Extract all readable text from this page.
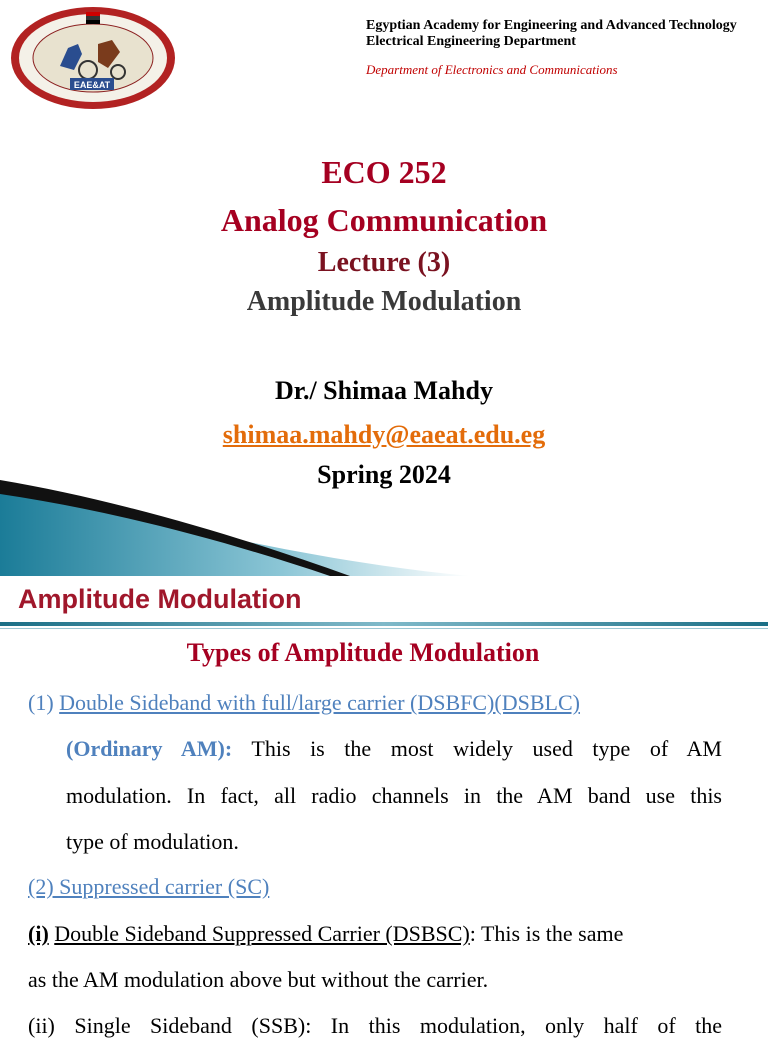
EAE&AT
Egyptian Academy for Engineering and Advanced Technology
Electrical Engineering Department
Department of Electronics and Communications
ECO 252
Analog Communication
Lecture (3)
Amplitude Modulation
Dr./ Shimaa Mahdy
shimaa.mahdy@eaeat.edu.eg
Spring 2024
Amplitude Modulation
Types of Amplitude Modulation
(1) Double Sideband with full/large carrier (DSBFC)(DSBLC)
(Ordinary AM): This is the most widely used type of AM
modulation. In fact, all radio channels in the AM band use this
type of modulation.
(2) Suppressed carrier (SC)
(i) Double Sideband Suppressed Carrier (DSBSC): This is the same
as the AM modulation above but without the carrier.
(ii) Single Sideband (SSB): In this modulation, only half of the
